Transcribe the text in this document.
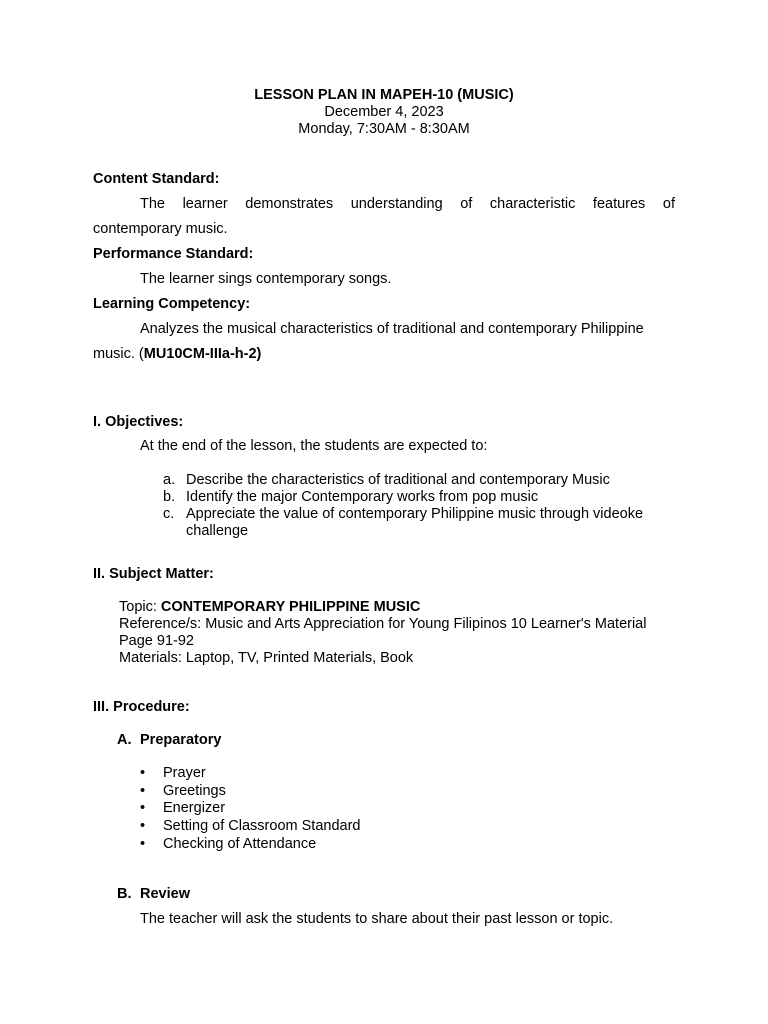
LESSON PLAN IN MAPEH-10 (MUSIC)
December 4, 2023
Monday, 7:30AM - 8:30AM
Content Standard:
The learner demonstrates understanding of characteristic features of
contemporary music.
Performance Standard:
The learner sings contemporary songs.
Learning Competency:
Analyzes the musical characteristics of traditional and contemporary Philippine
music. (MU10CM-IIIa-h-2)
I. Objectives:
At the end of the lesson, the students are expected to:
a. Describe the characteristics of traditional and contemporary Music
b. Identify the major Contemporary works from pop music
c. Appreciate the value of contemporary Philippine music through videoke
challenge
II. Subject Matter:
Topic: CONTEMPORARY PHILIPPINE MUSIC
Reference/s: Music and Arts Appreciation for Young Filipinos 10 Learner's Material
Page 91-92
Materials: Laptop, TV, Printed Materials, Book
III. Procedure:
A. Preparatory
• Prayer
• Greetings
• Energizer
• Setting of Classroom Standard
• Checking of Attendance
B. Review
The teacher will ask the students to share about their past lesson or topic.
